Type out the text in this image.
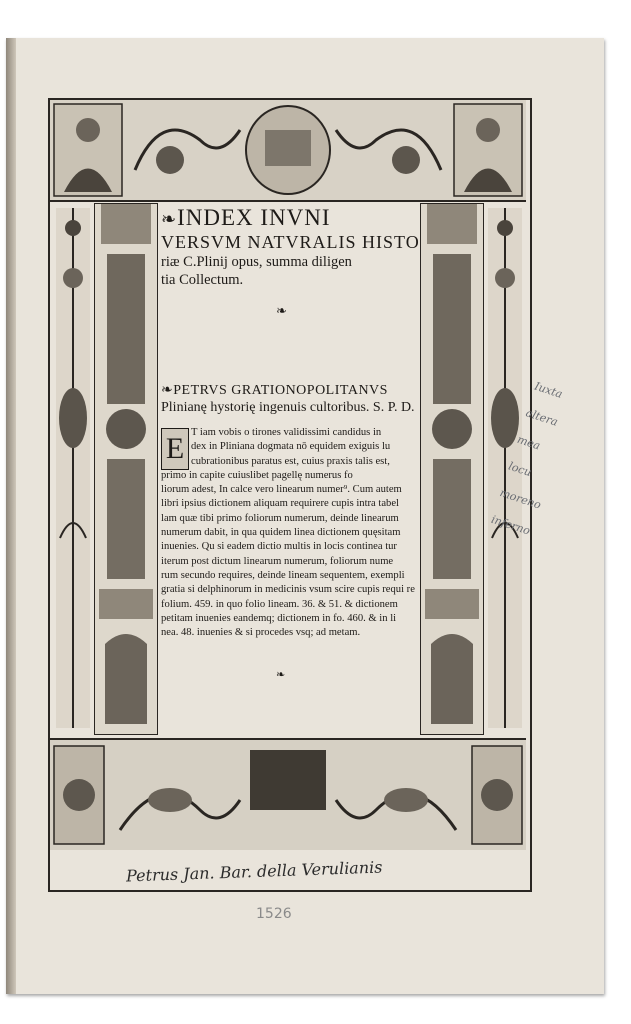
❧INDEX INVNI

VERSVM NATVRALIS HISTO

riæ C.Plinij opus, summa diligen

tia Collectum.

❧
❧PETRVS GRATIONOPOLITANVS
Plinianę hystorię ingenuis cultoribus. S. P. D.
E T iam vobis o tirones validissimi candidus in
dex in Pliniana dogmata nō equidem exiguis lu
cubrationibus paratus est, cuius praxis talis est,
primo in capite cuiuslibet pagellę numerus fo
liorum adest, In calce vero linearum numer⁹. Cum autem
libri ipsius dictionem aliquam requirere cupis intra tabel
lam quæ tibi primo foliorum numerum, deinde linearum
numerum dabit, in qua quidem linea dictionem quęsitam
inuenies. Qu si eadem dictio multis in locis continea tur
iterum post dictum linearum numerum, foliorum nume
rum secundo requires, deinde lineam sequentem, exempli
gratia si delphinorum in medicinis vsum scire cupis requi re
folium. 459. in quo folio lineam. 36. & 51. & dictionem
petitam inuenies eandemq; dictionem in fo. 460. & in li
nea. 48. inuenies & si procedes vsq; ad metam.
❧
Iuxta
altera
mea
locu
moreno
inferno
Petrus Jan. Bar. della Verulianis
1526
